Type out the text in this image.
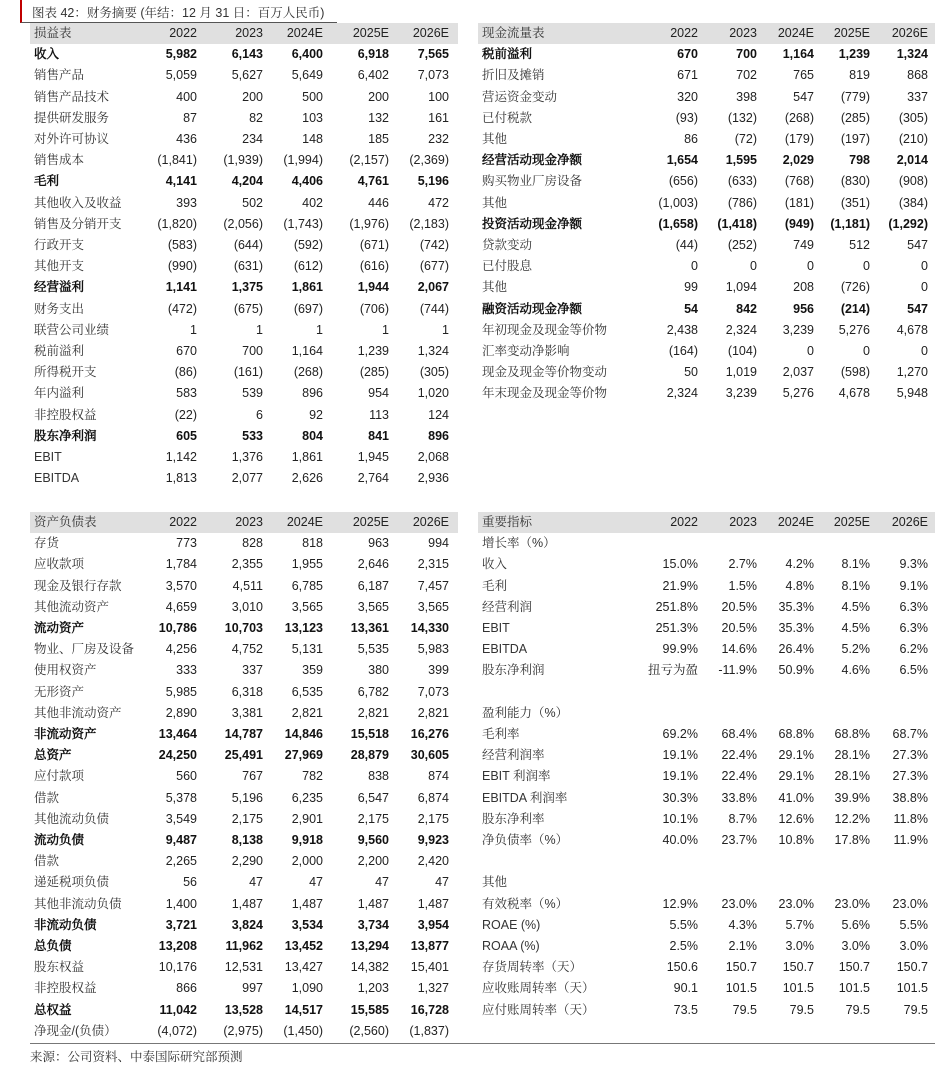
图表 42：财务摘要 (年结：12 月 31 日：百万人民币)
损益表	2022	2023 2024E 2025E 2026E
收入	5,982	6,143 6,400	6,918 7,565
销售产品	5,059	5,627 5,649	6,402 7,073
销售产品技术	400	200	500	200	100
提供研发服务	87	82	103	132	161
对外许可协议	436	234	148	185	232
销售成本	(1,841) (1,939) (1,994) (2,157) (2,369)
毛利	4,141	4,204 4,406	4,761 5,196
其他收入及收益	393	502	402	446	472
销售及分销开支	(1,820) (2,056) (1,743) (1,976) (2,183)
行政开支	(583)	(644) (592)	(671) (742)
其他开支	(990)	(631) (612)	(616) (677)
经营溢利	1,141	1,375 1,861	1,944 2,067
财务支出	(472)	(675) (697)	(706) (744)
联营公司业绩	1	1	1	1	1
税前溢利	670	700 1,164	1,239 1,324
所得税开支	(86)	(161) (268)	(285) (305)
年内溢利	583	539	896	954 1,020
非控股权益	(22)	6	92	113	124
股东净利润	605	533	804	841	896
EBIT	1,142	1,376 1,861	1,945 2,068
EBITDA	1,813	2,077 2,626	2,764 2,936
现金流量表	2022 2023 2024E 2025E 2026E
税前溢利	670	700 1,164 1,239 1,324
折旧及摊销	671	702	765	819	868
营运资金变动	320	398	547 (779)	337
已付税款	(93) (132) (268) (285) (305)
其他	86	(72) (179) (197) (210)
经营活动现金净额	1,654 1,595 2,029	798 2,014
购买物业厂房设备	(656) (633) (768) (830) (908)
其他	(1,003) (786) (181) (351) (384)
投资活动现金净额	(1,658) (1,418) (949) (1,181) (1,292)
贷款变动	(44) (252)	749	512	547
已付股息	0	0	0	0	0
其他	99 1,094	208 (726)	0
融资活动现金净额	54	842	956 (214)	547
年初现金及现金等价物	2,438 2,324 3,239 5,276 4,678
汇率变动净影响	(164) (104)	0	0	0
现金及现金等价物变动	50 1,019 2,037 (598) 1,270
年末现金及现金等价物	2,324 3,239 5,276 4,678 5,948
资产负债表	2022	2023 2024E 2025E 2026E
存货	773	828	818	963	994
应收款项	1,784	2,355 1,955	2,646 2,315
现金及银行存款	3,570	4,511 6,785	6,187 7,457
其他流动资产	4,659	3,010 3,565	3,565 3,565
流动资产	10,786 10,703 13,123 13,361 14,330
物业、厂房及设备	4,256	4,752 5,131	5,535 5,983
使用权资产	333	337	359	380	399
无形资产	5,985	6,318 6,535	6,782 7,073
其他非流动资产	2,890	3,381 2,821	2,821 2,821
非流动资产	13,464 14,787 14,846 15,518 16,276
总资产	24,250 25,491 27,969 28,879 30,605
应付款项	560	767	782	838	874
借款	5,378	5,196 6,235	6,547 6,874
其他流动负债	3,549	2,175 2,901	2,175 2,175
流动负债	9,487	8,138 9,918	9,560 9,923
借款	2,265	2,290 2,000	2,200 2,420
递延税项负债	56	47	47	47	47
其他非流动负债	1,400	1,487 1,487	1,487 1,487
非流动负债	3,721	3,824 3,534	3,734 3,954
总负债	13,208 11,962 13,452 13,294 13,877
股东权益	10,176 12,531 13,427 14,382 15,401
非控股权益	866	997 1,090	1,203 1,327
总权益	11,042 13,528 14,517 15,585 16,728
净现金/(负债）	(4,072) (2,975) (1,450) (2,560) (1,837)
重要指标	2022 2023 2024E 2025E 2026E
增长率（%）
收入	15.0% 2.7% 4.2% 8.1% 9.3%
毛利	21.9% 1.5% 4.8% 8.1% 9.1%
经营利润	251.8% 20.5% 35.3% 4.5% 6.3%
EBIT	251.3% 20.5% 35.3% 4.5% 6.3%
EBITDA	99.9% 14.6% 26.4% 5.2% 6.2%
股东净利润	扭亏为盈 -11.9% 50.9% 4.6% 6.5%
盈利能力（%）
毛利率	69.2% 68.4% 68.8% 68.8% 68.7%
经营利润率	19.1% 22.4% 29.1% 28.1% 27.3%
EBIT 利润率	19.1% 22.4% 29.1% 28.1% 27.3%
EBITDA 利润率	30.3% 33.8% 41.0% 39.9% 38.8%
股东净利率	10.1% 8.7% 12.6% 12.2% 11.8%
净负债率（%）	40.0% 23.7% 10.8% 17.8% 11.9%
其他
有效税率（%）	12.9% 23.0% 23.0% 23.0% 23.0%
ROAE (%)	5.5% 4.3% 5.7% 5.6% 5.5%
ROAA (%)	2.5% 2.1% 3.0% 3.0% 3.0%
存货周转率（天）	150.6 150.7 150.7 150.7 150.7
应收账周转率（天）	90.1 101.5 101.5 101.5 101.5
应付账周转率（天）	73.5	79.5	79.5	79.5	79.5
来源：公司资料、中泰国际研究部预测
